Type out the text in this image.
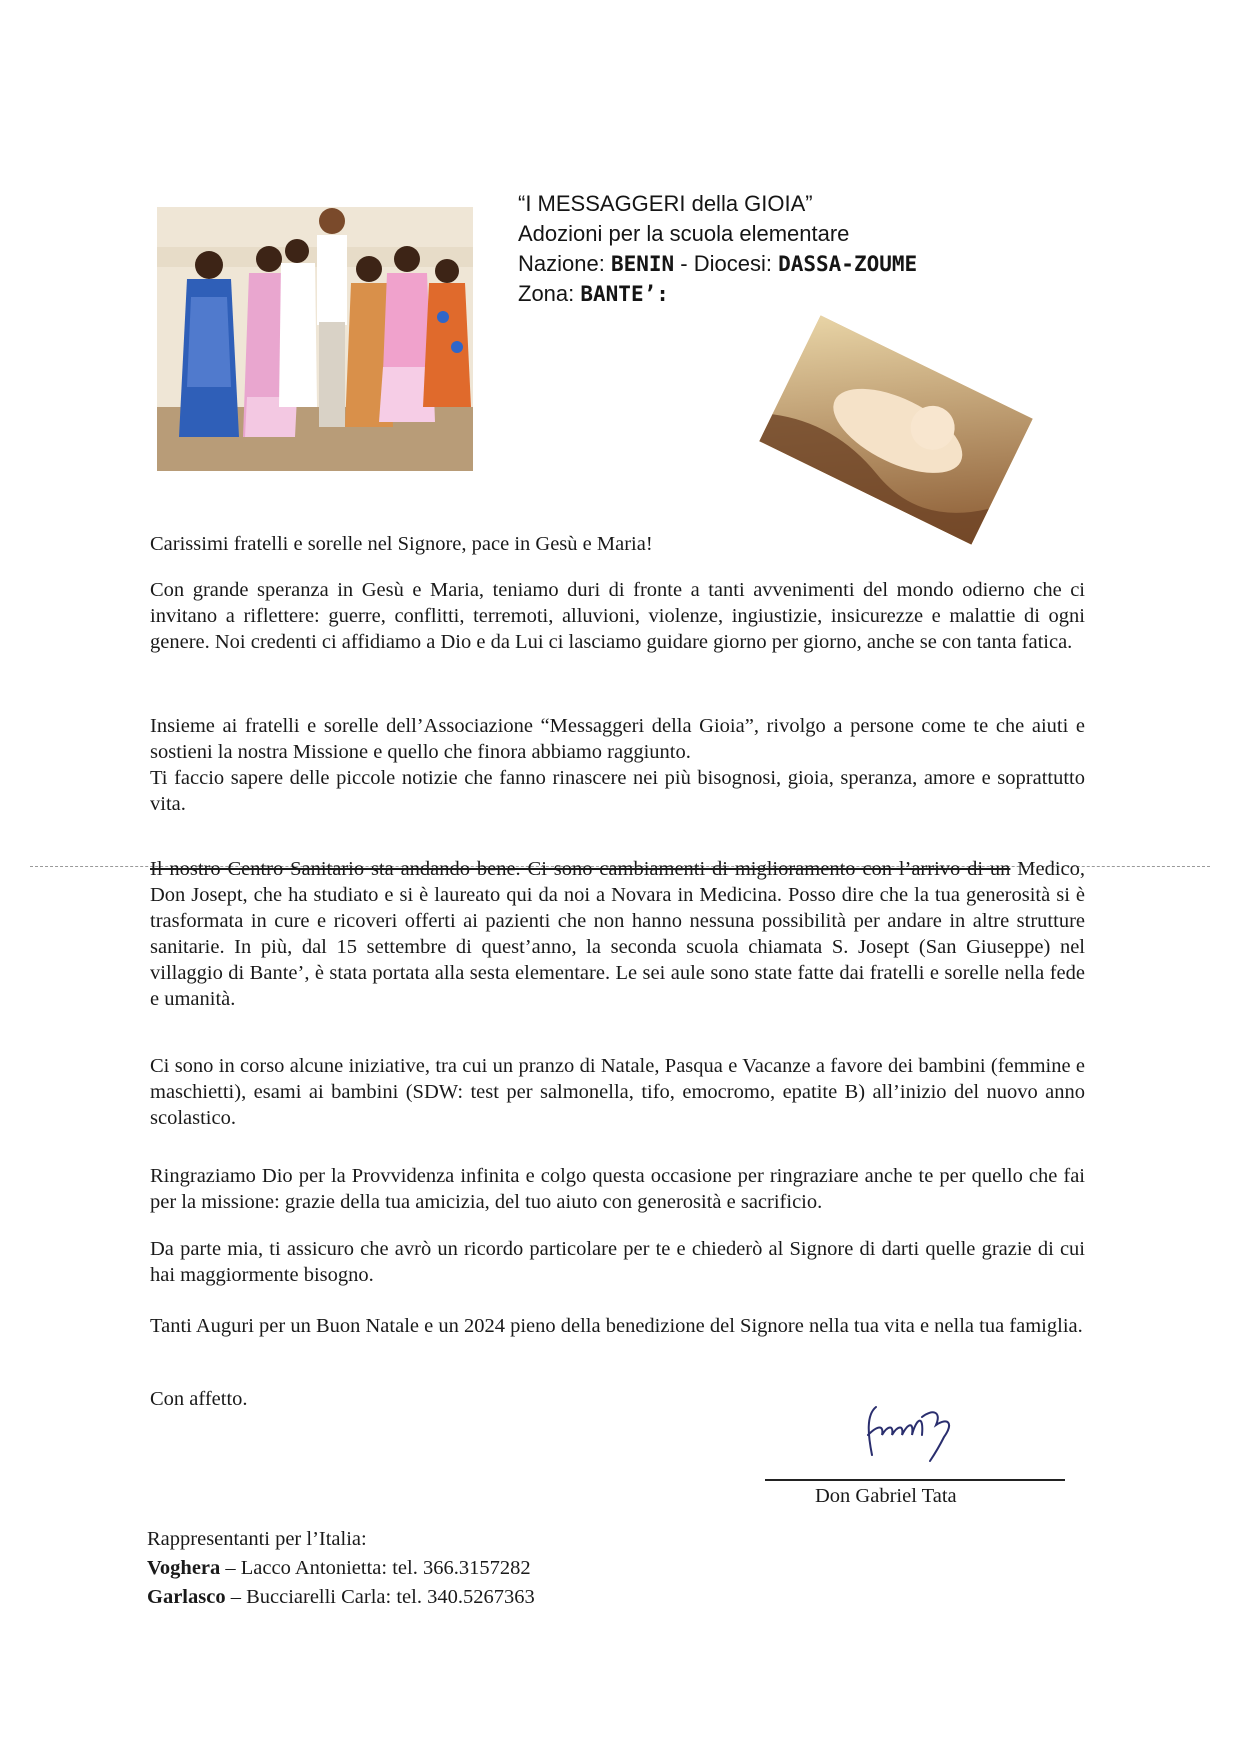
“I MESSAGGERI della GIOIA”
Adozioni per la scuola elementare
Nazione: BENIN - Diocesi: DASSA-ZOUME
Zona: BANTE’:

Carissimi fratelli e sorelle nel Signore, pace in Gesù e Maria!

Con grande speranza in Gesù e Maria, teniamo duri di fronte a tanti avvenimenti del mondo odierno che ci invitano a riflettere: guerre, conflitti, terremoti, alluvioni, violenze, ingiustizie, insicurezze e malattie di ogni genere. Noi credenti ci affidiamo a Dio e da Lui ci lasciamo guidare giorno per giorno, anche se con tanta fatica.

Insieme ai fratelli e sorelle dell’Associazione “Messaggeri della Gioia”, rivolgo a persone come te che aiuti e sostieni la nostra Missione e quello che finora abbiamo raggiunto.

Ti faccio sapere delle piccole notizie che fanno rinascere nei più bisognosi, gioia, speranza, amore e soprattutto vita.

Il nostro Centro Sanitario sta andando bene. Ci sono cambiamenti di miglioramento con l’arrivo di un Medico, Don Josept, che ha studiato e si è laureato qui da noi a Novara in Medicina. Posso dire che la tua generosità si è trasformata in cure e ricoveri offerti ai pazienti che non hanno nessuna possibilità per andare in altre strutture sanitarie. In più, dal 15 settembre di quest’anno, la seconda scuola chiamata S. Josept (San Giuseppe) nel villaggio di Bante’, è stata portata alla sesta elementare. Le sei aule sono state fatte dai fratelli e sorelle nella fede e umanità.

Ci sono in corso alcune iniziative, tra cui un pranzo di Natale, Pasqua e Vacanze a favore dei bambini (femmine e maschietti), esami ai bambini (SDW: test per salmonella, tifo, emocromo, epatite B) all’inizio del nuovo anno scolastico.

Ringraziamo Dio per la Provvidenza infinita e colgo questa occasione per ringraziare anche te per quello che fai per la missione: grazie della tua amicizia, del tuo aiuto con generosità e sacrificio.

Da parte mia, ti assicuro che avrò un ricordo particolare per te e chiederò al Signore di darti quelle grazie di cui hai maggiormente bisogno.

Tanti Auguri per un Buon Natale e un 2024 pieno della benedizione del Signore nella tua vita e nella tua famiglia.

Con affetto.

Don Gabriel Tata
Rappresentanti per l’Italia:
Voghera – Lacco Antonietta: tel. 366.3157282
Garlasco – Bucciarelli Carla: tel. 340.5267363
